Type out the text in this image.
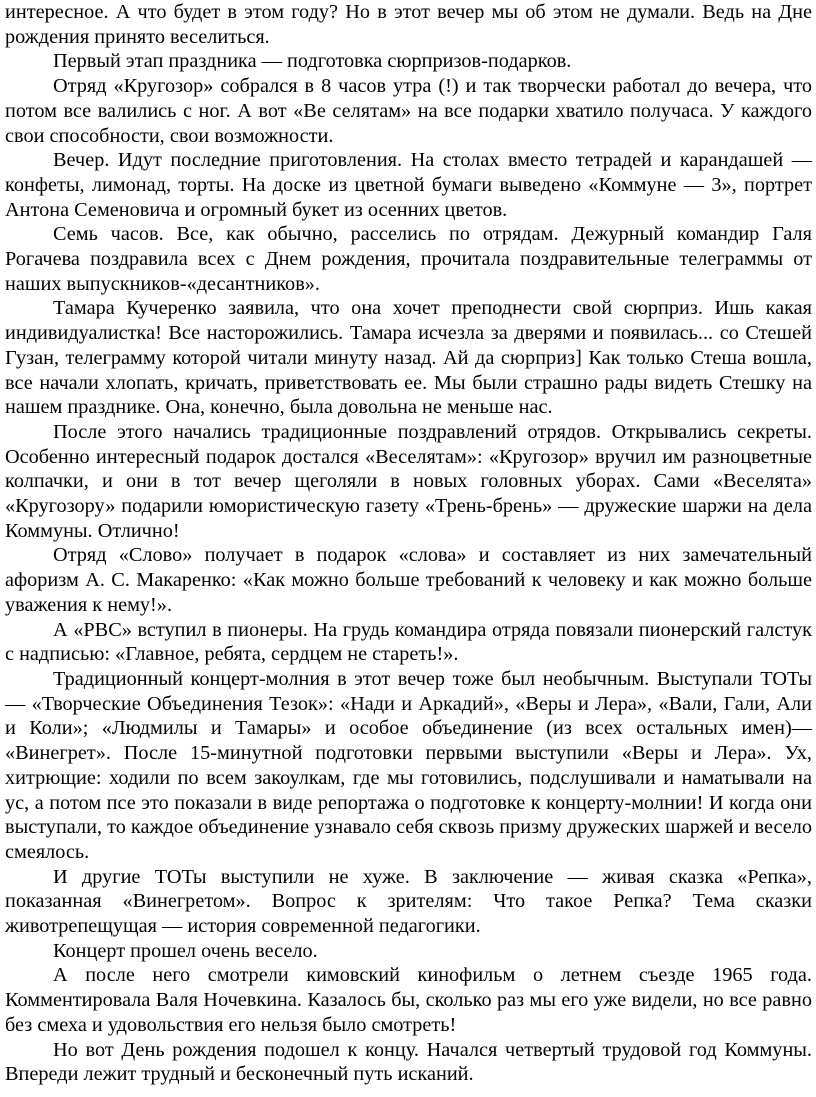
интересное. А что будет в этом году? Но в этот вечер мы об этом не думали. Ведь на Дне рождения принято веселиться.

Первый этап праздника — подготовка сюрпризов-подарков.

Отряд «Кругозор» собрался в 8 часов утра (!) и так творчески работал до вечера, что потом все валились с ног. А вот «Ве селятам» на все подарки хватило получаса. У каждого свои способности, свои возможности.

Вечер. Идут последние приготовления. На столах вместо тетрадей и карандашей — конфеты, лимонад, торты. На доске из цветной бумаги выведено «Коммуне — 3», портрет Антона Семеновича и огромный букет из осенних цветов.

Семь часов. Все, как обычно, расселись по отрядам. Дежурный командир Галя Рогачева поздравила всех с Днем рождения, прочитала поздравительные телеграммы от наших выпускников-«десантников».

Тамара Кучеренко заявила, что она хочет преподнести свой сюрприз. Ишь какая индивидуалистка! Все насторожились. Тамара исчезла за дверями и появилась... со Стешей Гузан, телеграмму которой читали минуту назад. Ай да сюрприз] Как только Стеша вошла, все начали хлопать, кричать, приветствовать ее. Мы были страшно рады видеть Стешку на нашем празднике. Она, конечно, была довольна не меньше нас.

После этого начались традиционные поздравлений отрядов. Открывались секреты. Особенно интересный подарок достался «Веселятам»: «Кругозор» вручил им разноцветные колпачки, и они в тот вечер щеголяли в новых головных уборах. Сами «Веселята» «Кругозору» подарили юмористическую газету «Трень-брень» — дружеские шаржи на дела Коммуны. Отлично!

Отряд «Слово» получает в подарок «слова» и составляет из них замечательный афоризм А. С. Макаренко: «Как можно больше требований к человеку и как можно больше уважения к нему!».

А «РВС» вступил в пионеры. На грудь командира отряда повязали пионерский галстук с надписью: «Главное, ребята, сердцем не стареть!».

Традиционный концерт-молния в этот вечер тоже был необычным. Выступали ТОТы — «Творческие Объединения Тезок»: «Нади и Аркадий», «Веры и Лера», «Вали, Гали, Али и Коли»; «Людмилы и Тамары» и особое объединение (из всех остальных имен)— «Винегрет». После 15-минутной подготовки первыми выступили «Веры и Лера». Ух, хитрющие: ходили по всем закоулкам, где мы готовились, подслушивали и наматывали на ус, а потом псе это показали в виде репортажа о подготовке к концерту-молнии! И когда они выступали, то каждое объединение узнавало себя сквозь призму дружеских шаржей и весело смеялось.

И другие ТОТы выступили не хуже. В заключение — живая сказка «Репка», показанная «Винегретом». Вопрос к зрителям: Что такое Репка? Тема сказки животрепещущая — история современной педагогики.

Концерт прошел очень весело.

А после него смотрели кимовский кинофильм о летнем съезде 1965 года. Комментировала Валя Ночевкина. Казалось бы, сколько раз мы его уже видели, но все равно без смеха и удовольствия его нельзя было смотреть!

Но вот День рождения подошел к концу. Начался четвертый трудовой год Коммуны. Впереди лежит трудный и бесконечный путь исканий.
